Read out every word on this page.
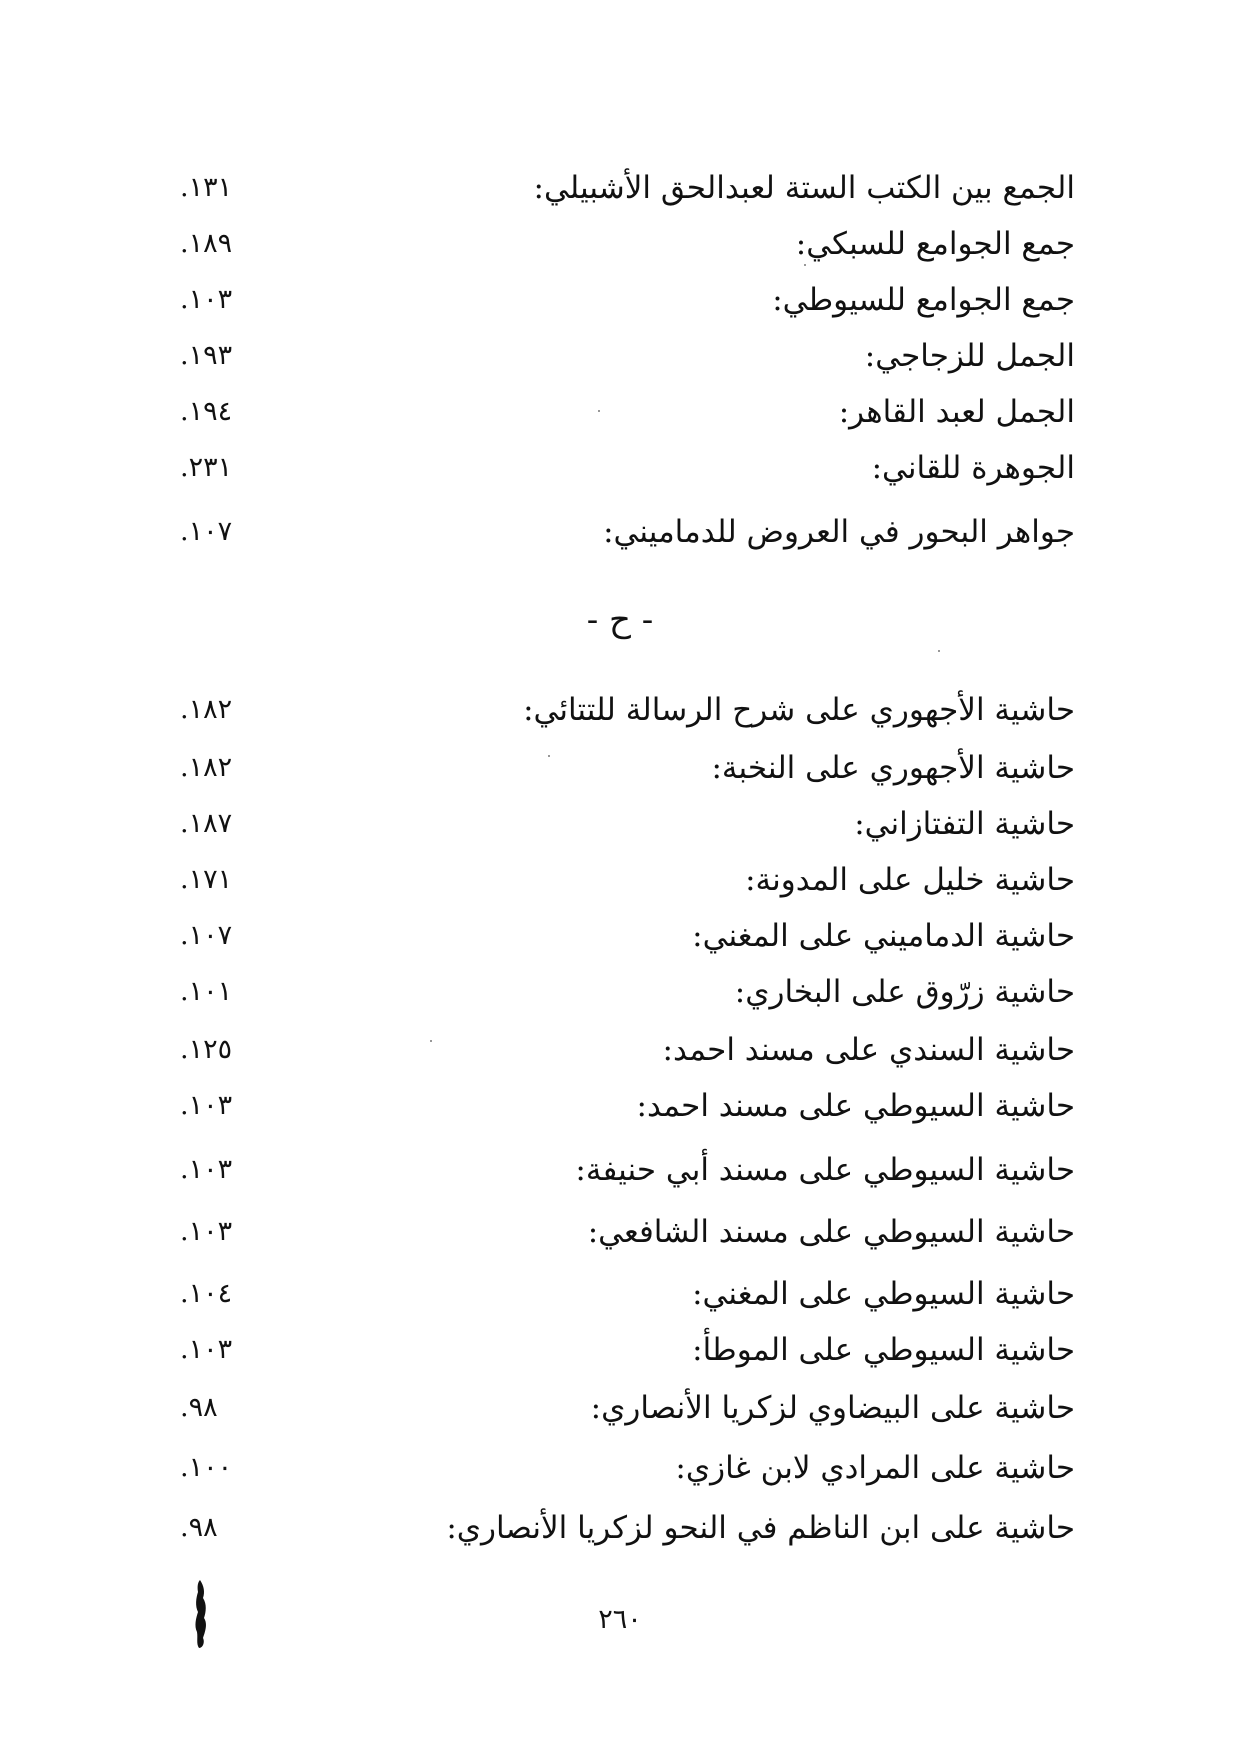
الجمع بين الكتب الستة لعبدالحق الأشبيلي:
١٣١.
جمع الجوامع للسبكي:
١٨٩.
جمع الجوامع للسيوطي:
١٠٣.
الجمل للزجاجي:
١٩٣.
الجمل لعبد القاهر:
١٩٤.
الجوهرة للقاني:
٢٣١.
جواهر البحور في العروض للدماميني:
١٠٧.
- ح -
حاشية الأجهوري على شرح الرسالة للتتائي:
١٨٢.
حاشية الأجهوري على النخبة:
١٨٢.
حاشية التفتازاني:
١٨٧.
حاشية خليل على المدونة:
١٧١.
حاشية الدماميني على المغني:
١٠٧.
حاشية زرّوق على البخاري:
١٠١.
حاشية السندي على مسند احمد:
١٢٥.
حاشية السيوطي على مسند احمد:
١٠٣.
حاشية السيوطي على مسند أبي حنيفة:
١٠٣.
حاشية السيوطي على مسند الشافعي:
١٠٣.
حاشية السيوطي على المغني:
١٠٤.
حاشية السيوطي على الموطأ:
١٠٣.
حاشية على البيضاوي لزكريا الأنصاري:
٩٨.
حاشية على المرادي لابن غازي:
١٠٠.
حاشية على ابن الناظم في النحو لزكريا الأنصاري:
٩٨.
٢٦٠
